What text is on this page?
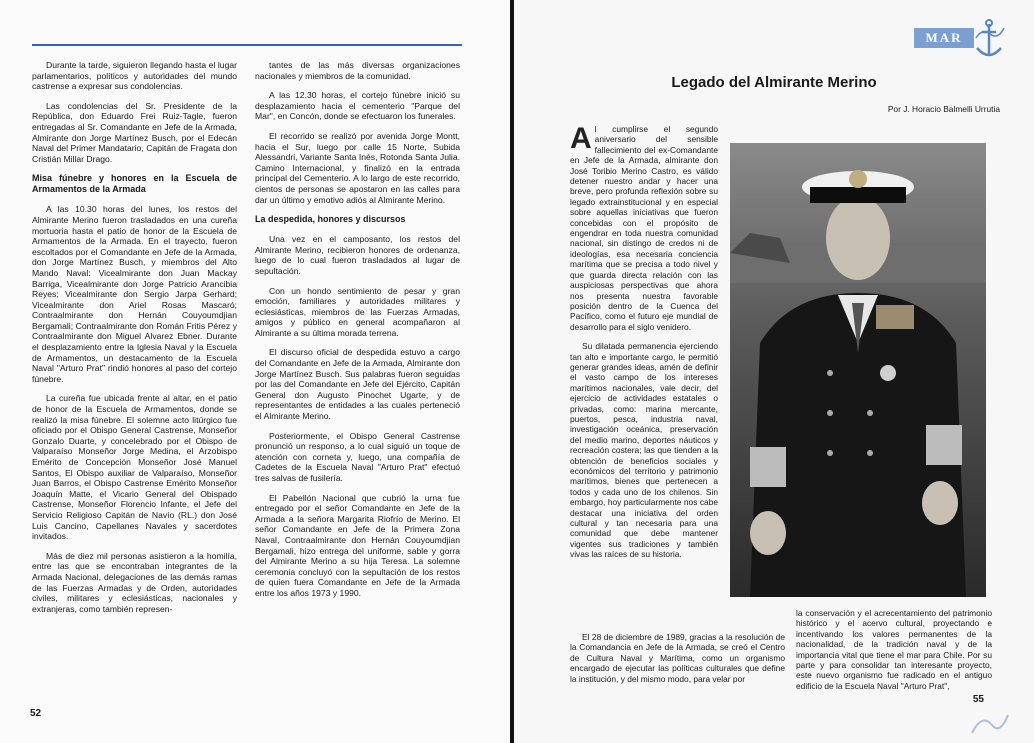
Durante la tarde, siguieron llegando hasta el lugar parlamentarios, políticos y autoridades del mundo castrense a expresar sus condolencias.

Las condolencias del Sr. Presidente de la República, don Eduardo Frei Ruiz-Tagle, fueron entregadas al Sr. Comandante en Jefe de la Armada, Almirante don Jorge Martínez Busch, por el Edecán Naval del Primer Mandatario, Capitán de Fragata don Cristián Millar Drago.

Misa fúnebre y honores en la Escuela de Armamentos de la Armada

A las 10.30 horas del lunes, los restos del Almirante Merino fueron trasladados en una cureña mortuoria hasta el patio de honor de la Escuela de Armamentos de la Armada. En el trayecto, fueron escoltados por el Comandante en Jefe de la Armada, don Jorge Martínez Busch, y miembros del Alto Mando Naval: Vicealmirante don Juan Mackay Barriga, Vicealmirante don Jorge Patricio Arancibia Reyes; Vicealmirante don Sergio Jarpa Gerhard; Vicealmirante don Ariel Rosas Mascaró; Contraalmirante don Hernán Couyoumdjian Bergamali; Contraalmirante don Román Fritis Pérez y Contraalmirante don Miguel Alvarez Ebner. Durante el desplazamiento entre la Iglesia Naval y la Escuela de Armamentos, un destacamento de la Escuela Naval "Arturo Prat" rindió honores al paso del cortejo fúnebre.

La cureña fue ubicada frente al altar, en el patio de honor de la Escuela de Armamentos, donde se realizó la misa fúnebre. El solemne acto litúrgico fue oficiado por el Obispo General Castrense, Monseñor Gonzalo Duarte, y concelebrado por el Obispo de Valparaíso Monseñor Jorge Medina, el Arzobispo Emérito de Concepción Monseñor José Manuel Santos, El Obispo auxiliar de Valparaíso, Monseñor Juan Barros, el Obispo Castrense Emérito Monseñor Joaquín Matte, el Vicario General del Obispado Castrense, Monseñor Florencio Infante, el Jefe del Servicio Religioso Capitán de Navío (RL.) don José Luis Cancino, Capellanes Navales y sacerdotes invitados.

Más de diez mil personas asistieron a la homilía, entre las que se encontraban integrantes de la Armada Nacional, delegaciones de las demás ramas de las Fuerzas Armadas y de Orden, autoridades civiles, militares y eclesiásticas, nacionales y extranjeras, como también represen-

tantes de las más diversas organizaciones nacionales y miembros de la comunidad.

A las 12.30 horas, el cortejo fúnebre inició su desplazamiento hacia el cementerio "Parque del Mar", en Concón, donde se efectuaron los funerales.

El recorrido se realizó por avenida Jorge Montt, hacia el Sur, luego por calle 15 Norte, Subida Alessandri, Variante Santa Inés, Rotonda Santa Julia. Camino Internacional, y finalizó en la entrada principal del Cementerio. A lo largo de este recorrido, cientos de personas se apostaron en las calles para dar un último y emotivo adiós al Almirante Merino.

La despedida, honores y discursos

Una vez en el camposanto, los restos del Almirante Merino, recibieron honores de ordenanza, luego de lo cual fueron trasladados al lugar de sepultación.

Con un hondo sentimiento de pesar y gran emoción, familiares y autoridades militares y eclesiásticas, miembros de las Fuerzas Armadas, amigos y público en general acompañaron al Almirante a su última morada terrena.

El discurso oficial de despedida estuvo a cargo del Comandante en Jefe de la Armada, Almirante don Jorge Martínez Busch. Sus palabras fueron seguidas por las del Comandante en Jefe del Ejército, Capitán General don Augusto Pinochet Ugarte, y de representantes de entidades a las cuales perteneció el Almirante Merino.

Posteriormente, el Obispo General Castrense pronunció un responso, a lo cual siguió un toque de atención con corneta y, luego, una compañía de Cadetes de la Escuela Naval "Arturo Prat" efectuó tres salvas de fusilería.

El Pabellón Nacional que cubrió la urna fue entregado por el señor Comandante en Jefe de la Armada a la señora Margarita Riofrío de Merino. El señor Comandante en Jefe de la Primera Zona Naval, Contraalmirante don Hernán Couyoumdjian Bergamali, hizo entrega del uniforme, sable y gorra del Almirante Merino a su hija Teresa. La solemne ceremonia concluyó con la sepultación de los restos de quien fuera Comandante en Jefe de la Armada entre los años 1973 y 1990.

52
MAR
Legado del Almirante Merino
Por J. Horacio Balmelli Urrutia

Al cumplirse el segundo aniversario del sensible fallecimiento del ex-Comandante en Jefe de la Armada, almirante don José Toribio Merino Castro, es válido detener nuestro andar y hacer una breve, pero profunda reflexión sobre su legado extrainstitucional y en especial sobre aquellas iniciativas que fueron concebidas con el propósito de engendrar en toda nuestra comunidad nacional, sin distingo de credos ni de ideologías, esa necesaria conciencia marítima que se precisa a todo nivel y que guarda directa relación con las auspiciosas perspectivas que ahora nos presenta nuestra favorable posición dentro de la Cuenca del Pacífico, como el futuro eje mundial de desarrollo para el siglo venidero.

Su dilatada permanencia ejerciendo tan alto e importante cargo, le permitió generar grandes ideas, amén de definir el vasto campo de los intereses marítimos nacionales, vale decir, del ejercicio de actividades estatales o privadas, como: marina mercante, puertos, pesca, industria naval, investigación oceánica, preservación del medio marino, deportes náuticos y recreación costera; las que tienden a la obtención de beneficios sociales y económicos del territorio y patrimonio marítimos, bienes que pertenecen a todos y cada uno de los chilenos. Sin embargo, hoy particularmente nos cabe destacar una iniciativa del orden cultural y tan necesaria para una comunidad que debe mantener vigentes sus tradiciones y también vivas las raíces de su historia.

El 28 de diciembre de 1989, gracias a la resolución de la Comandancia en Jefe de la Armada, se creó el Centro de Cultura Naval y Marítima, como un organismo encargado de ejecutar las políticas culturales que define la institución, y del mismo modo, para velar por

la conservación y el acrecentamiento del patrimonio histórico y el acervo cultural, proyectando e incentivando los valores permanentes de la nacionalidad, de la tradición naval y de la importancia vital que tiene el mar para Chile. Por su parte y para consolidar tan interesante proyecto, este nuevo organismo fue radicado en el antiguo edificio de la Escuela Naval "Arturo Prat",

55
